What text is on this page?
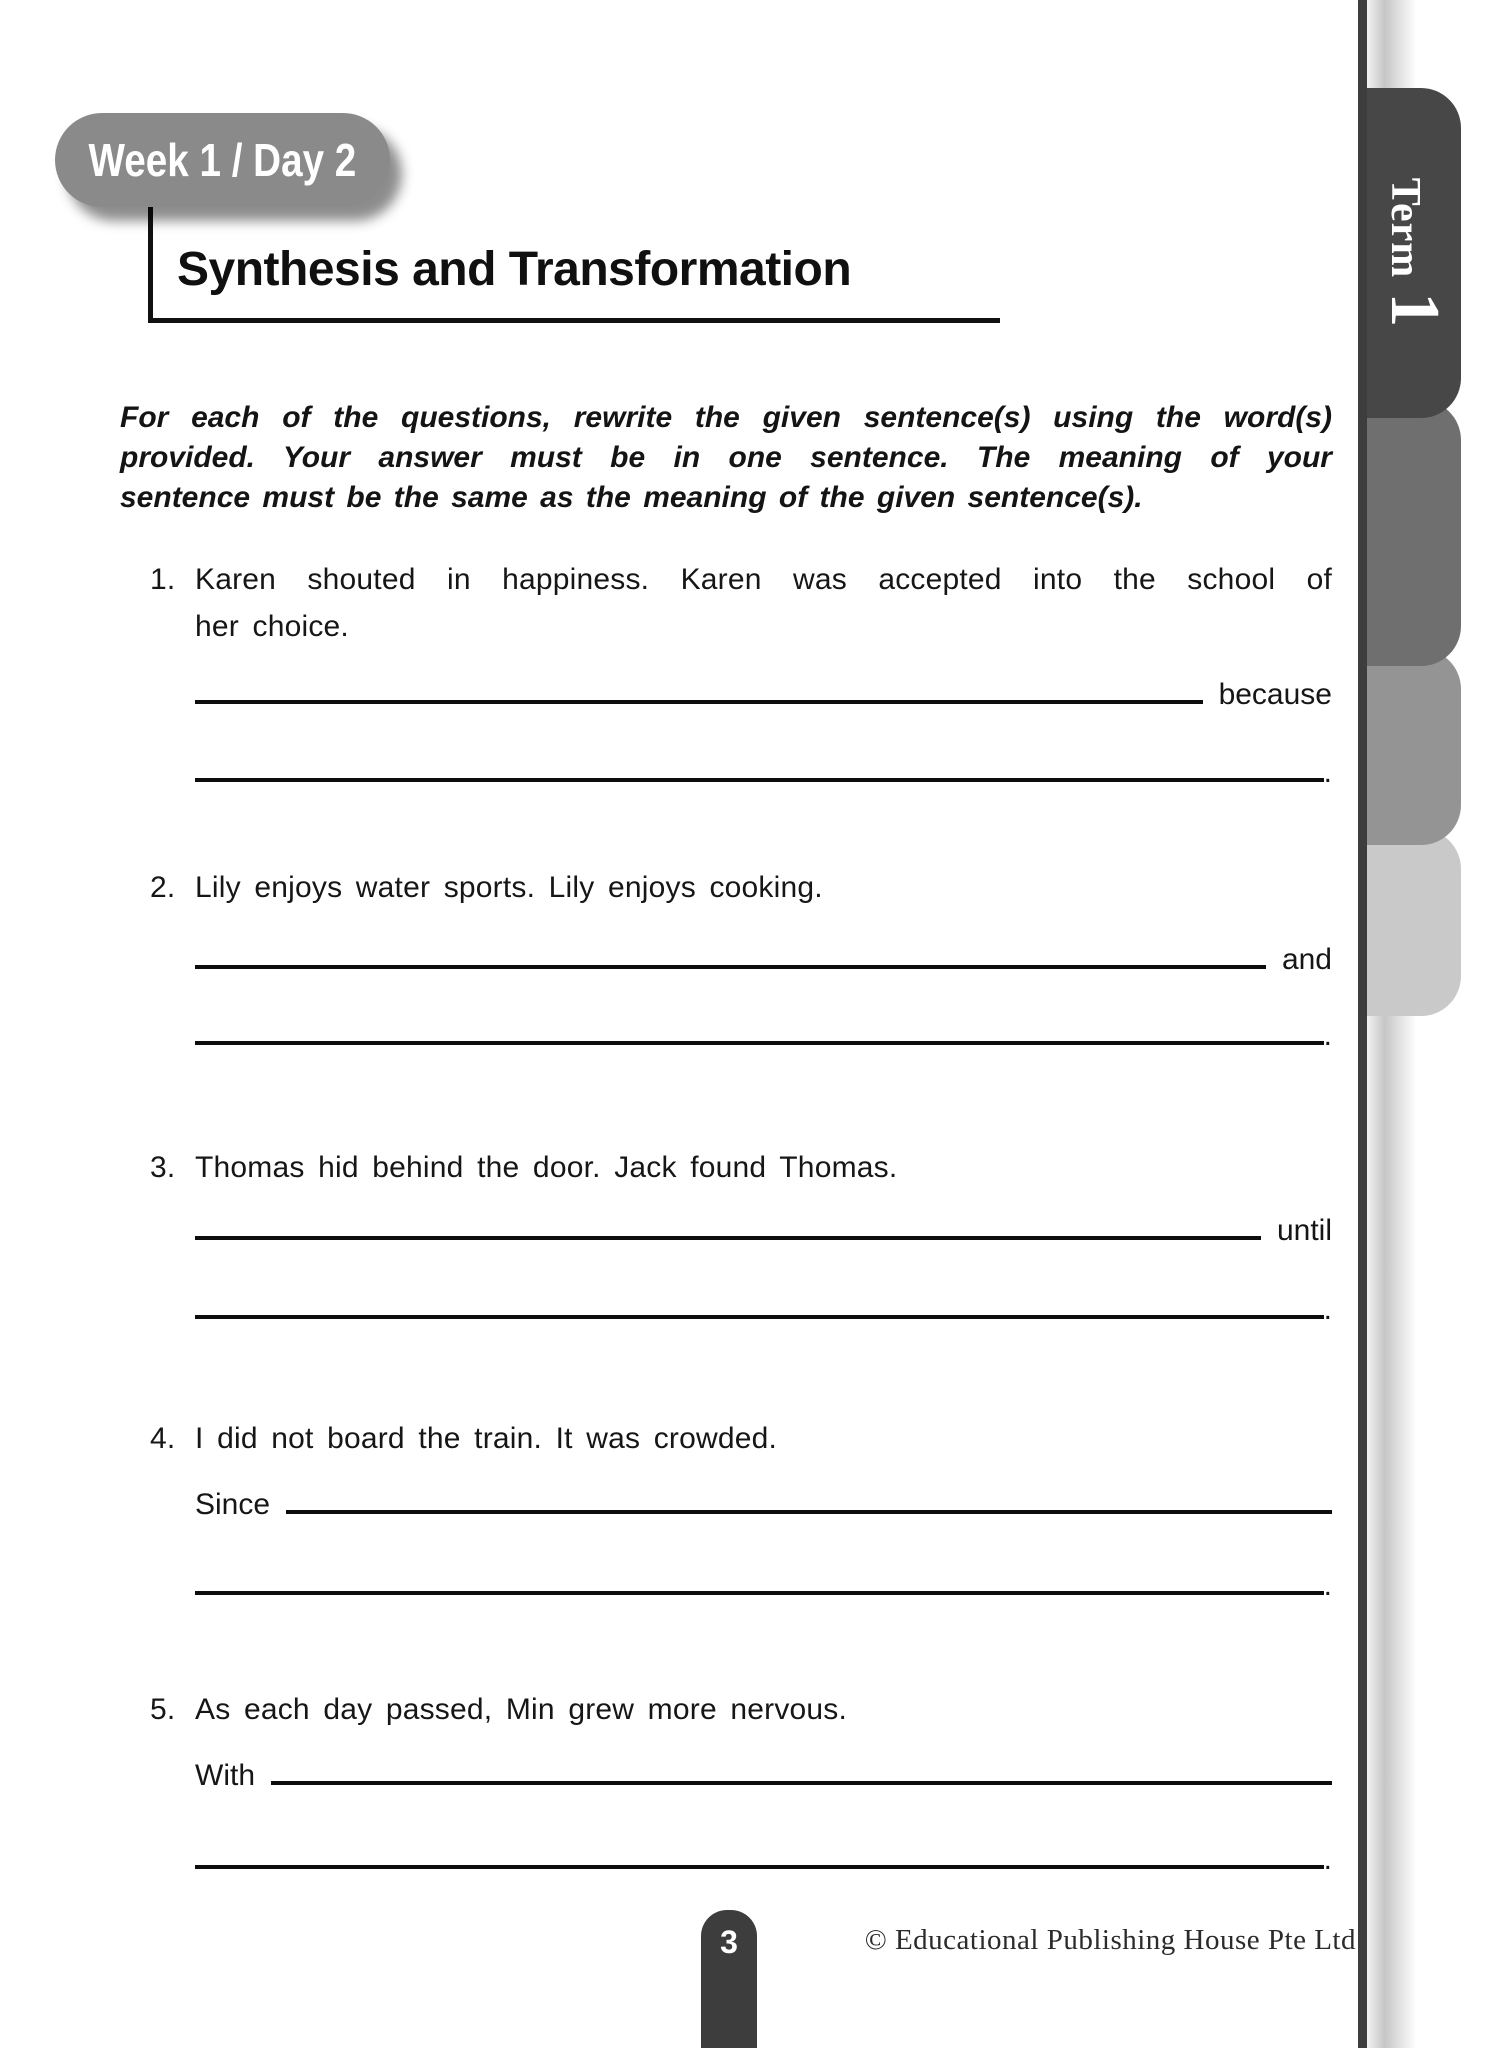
Term1
Week 1 / Day 2
Synthesis and Transformation
For each of the questions, rewrite the given sentence(s) using the word(s)
provided. Your answer must be in one sentence. The meaning of your
sentence must be the same as the meaning of the given sentence(s).
1. Karen shouted in happiness. Karen was accepted into the school of
her choice.
because
.
2. Lily enjoys water sports. Lily enjoys cooking.
and
.
3. Thomas hid behind the door. Jack found Thomas.
until
.
4. I did not board the train. It was crowded.
Since
.
5. As each day passed, Min grew more nervous.
With
.
3	© Educational Publishing House Pte Ltd
